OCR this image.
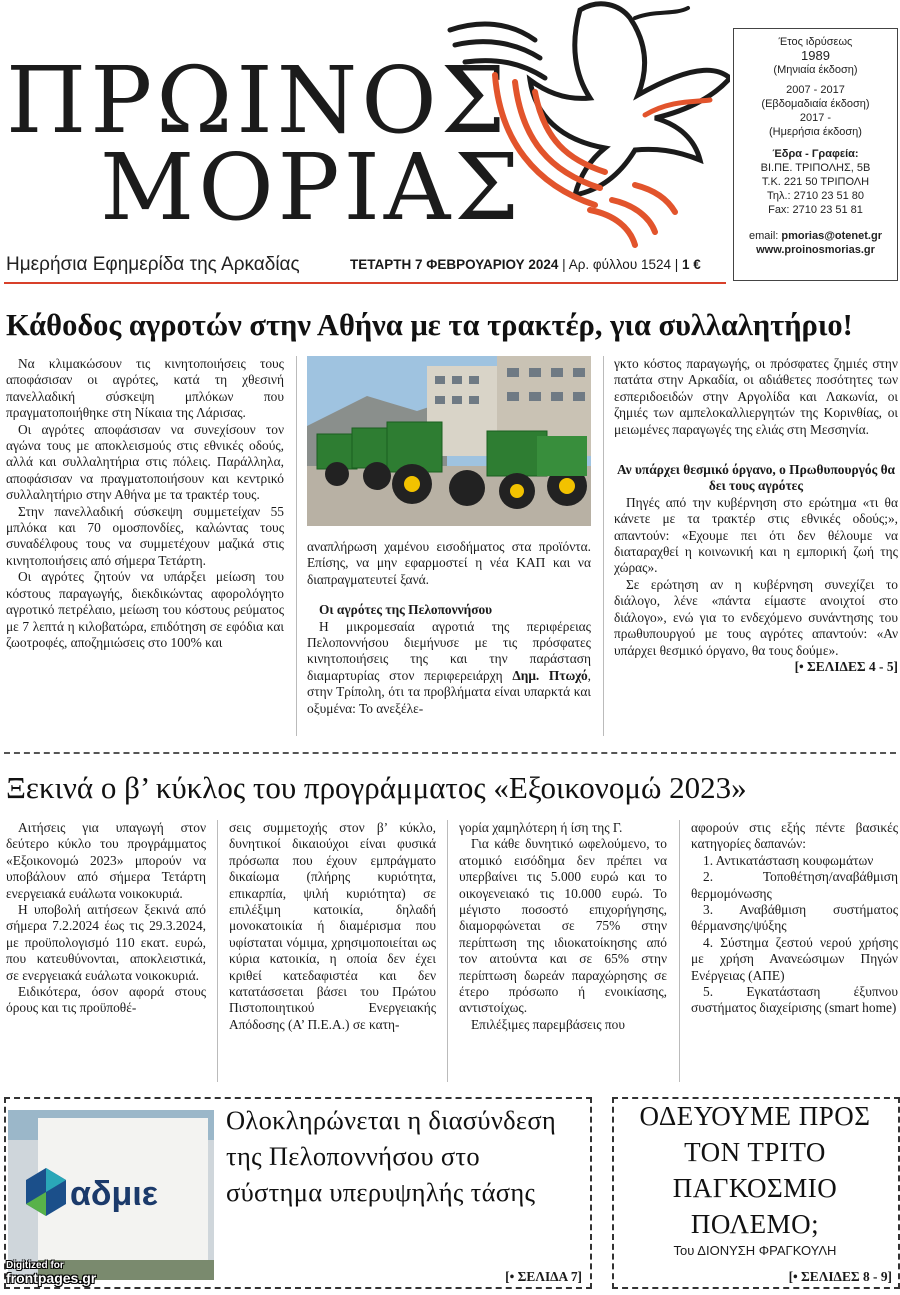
ΠΡΩΙΝΟΣ
ΜΟΡΙΑΣ
Ημερήσια Εφημερίδα της Αρκαδίας	ΤΕΤΑΡΤΗ 7 ΦΕΒΡΟΥΑΡΙΟΥ 2024 | Αρ. φύλλου 1524 | 1 €
Έτος ιδρύσεως
1989
(Μηνιαία έκδοση)
2007 - 2017
(Εβδομαδιαία έκδοση)
2017 -
(Ημερήσια έκδοση)
Έδρα - Γραφεία:
ΒΙ.ΠΕ. ΤΡΙΠΟΛΗΣ, 5Β
Τ.Κ. 221 50 ΤΡΙΠΟΛΗ
Τηλ.: 2710 23 51 80
Fax: 2710 23 51 81
email: pmorias@otenet.gr
www.proinosmorias.gr
Κάθοδος αγροτών στην Αθήνα με τα τρακτέρ, για συλλαλητήριο!

Να κλιμακώσουν τις κινητοποιήσεις τους αποφάσισαν οι αγρότες, κατά τη χθεσινή πανελλαδική σύσκεψη μπλόκων που πραγματοποιήθηκε στη Νίκαια της Λάρισας.

Οι αγρότες αποφάσισαν να συνεχίσουν τον αγώνα τους με αποκλεισμούς στις εθνικές οδούς, αλλά και συλλαλητήρια στις πόλεις. Παράλληλα, αποφάσισαν να πραγματοποιήσουν και κεντρικό συλλαλητήριο στην Αθήνα με τα τρακτέρ τους.

Στην πανελλαδική σύσκεψη συμμετείχαν 55 μπλόκα και 70 ομοσπονδίες, καλώντας τους συναδέλφους τους να συμμετέχουν μαζικά στις κινητοποιήσεις από σήμερα Τετάρτη.

Οι αγρότες ζητούν να υπάρξει μείωση του κόστους παραγωγής, διεκδικώντας αφορολόγητο αγροτικό πετρέλαιο, μείωση του κόστους ρεύματος με 7 λεπτά η κιλοβατώρα, επιδότηση σε εφόδια και ζωοτροφές, αποζημιώσεις στο 100% και

αναπλήρωση χαμένου εισοδήματος στα προϊόντα. Επίσης, να μην εφαρμοστεί η νέα ΚΑΠ και να διαπραγματευτεί ξανά.

Οι αγρότες της Πελοποννήσου

Η μικρομεσαία αγροτιά της περιφέρειας Πελοποννήσου διεμήνυσε με τις πρόσφατες κινητοποιήσεις της και την παράσταση διαμαρτυρίας στον περιφερειάρχη Δημ. Πτωχό, στην Τρίπολη, ότι τα προβλήματα είναι υπαρκτά και οξυμένα: Το ανεξέλε-

γκτο κόστος παραγωγής, οι πρόσφατες ζημιές στην πατάτα στην Αρκαδία, οι αδιάθετες ποσότητες των εσπεριδοειδών στην Αργολίδα και Λακωνία, οι ζημιές των αμπελοκαλλιεργητών της Κορινθίας, οι μειωμένες παραγωγές της ελιάς στη Μεσσηνία.

Αν υπάρχει θεσμικό όργανο, ο Πρωθυπουργός θα δει τους αγρότες

Πηγές από την κυβέρνηση στο ερώτημα «τι θα κάνετε με τα τρακτέρ στις εθνικές οδούς;», απαντούν: «Εχουμε πει ότι δεν θέλουμε να διαταραχθεί η κοινωνική και η εμπορική ζωή της χώρας».

Σε ερώτηση αν η κυβέρνηση συνεχίζει το διάλογο, λένε «πάντα είμαστε ανοιχτοί στο διάλογο», ενώ για το ενδεχόμενο συνάντησης του πρωθυπουργού με τους αγρότες απαντούν: «Αν υπάρχει θεσμικό όργανο, θα τους δούμε».

[• ΣΕΛΙΔΕΣ 4 - 5]
Ξεκινά ο β’ κύκλος του προγράμματος «Εξοικονομώ 2023»

Αιτήσεις για υπαγωγή στον δεύτερο κύκλο του προγράμματος «Εξοικονομώ 2023» μπορούν να υποβάλουν από σήμερα Τετάρτη ενεργειακά ευάλωτα νοικοκυριά.

Η υποβολή αιτήσεων ξεκινά από σήμερα 7.2.2024 έως τις 29.3.2024, με προϋπολογισμό 110 εκατ. ευρώ, που κατευθύνονται, αποκλειστικά, σε ενεργειακά ευάλωτα νοικοκυριά.

Ειδικότερα, όσον αφορά στους όρους και τις προϋποθέ-

σεις συμμετοχής στον β’ κύκλο, δυνητικοί δικαιούχοι είναι φυσικά πρόσωπα που έχουν εμπράγματο δικαίωμα (πλήρης κυριότητα, επικαρπία, ψιλή κυριότητα) σε επιλέξιμη κατοικία, δηλαδή μονοκατοικία ή διαμέρισμα που υφίσταται νόμιμα, χρησιμοποιείται ως κύρια κατοικία, η οποία δεν έχει κριθεί κατεδαφιστέα και δεν κατατάσσεται βάσει του Πρώτου Πιστοποιητικού Ενεργειακής Απόδοσης (Α’ Π.Ε.Α.) σε κατη-

γορία χαμηλότερη ή ίση της Γ.

Για κάθε δυνητικό ωφελούμενο, το ατομικό εισόδημα δεν πρέπει να υπερβαίνει τις 5.000 ευρώ και το οικογενειακό τις 10.000 ευρώ. Το μέγιστο ποσοστό επιχορήγησης, διαμορφώνεται σε 75% στην περίπτωση της ιδιοκατοίκησης από τον αιτούντα και σε 65% στην περίπτωση δωρεάν παραχώρησης σε έτερο πρόσωπο ή ενοικίασης, αντιστοίχως.

Επιλέξιμες παρεμβάσεις που

αφορούν στις εξής πέντε βασικές κατηγορίες δαπανών:

1. Αντικατάσταση κουφωμάτων

2. Τοποθέτηση/αναβάθμιση θερμομόνωσης

3. Αναβάθμιση συστήματος θέρμανσης/ψύξης

4. Σύστημα ζεστού νερού χρήσης με χρήση Ανανεώσιμων Πηγών Ενέργειας (ΑΠΕ)

5. Εγκατάσταση έξυπνου συστήματος διαχείρισης (smart home)

αδμιε
Ολοκληρώνεται η διασύνδεση της Πελοποννήσου στο σύστημα υπερυψηλής τάσης
[• ΣΕΛΙΔΑ 7]
ΟΔΕΥΟΥΜΕ ΠΡΟΣ ΤΟΝ ΤΡΙΤΟ ΠΑΓΚΟΣΜΙΟ ΠΟΛΕΜΟ;
Του ΔΙΟΝΥΣΗ ΦΡΑΓΚΟΥΛΗ
[• ΣΕΛΙΔΕΣ 8 - 9]
Digitized for
frontpages.gr
